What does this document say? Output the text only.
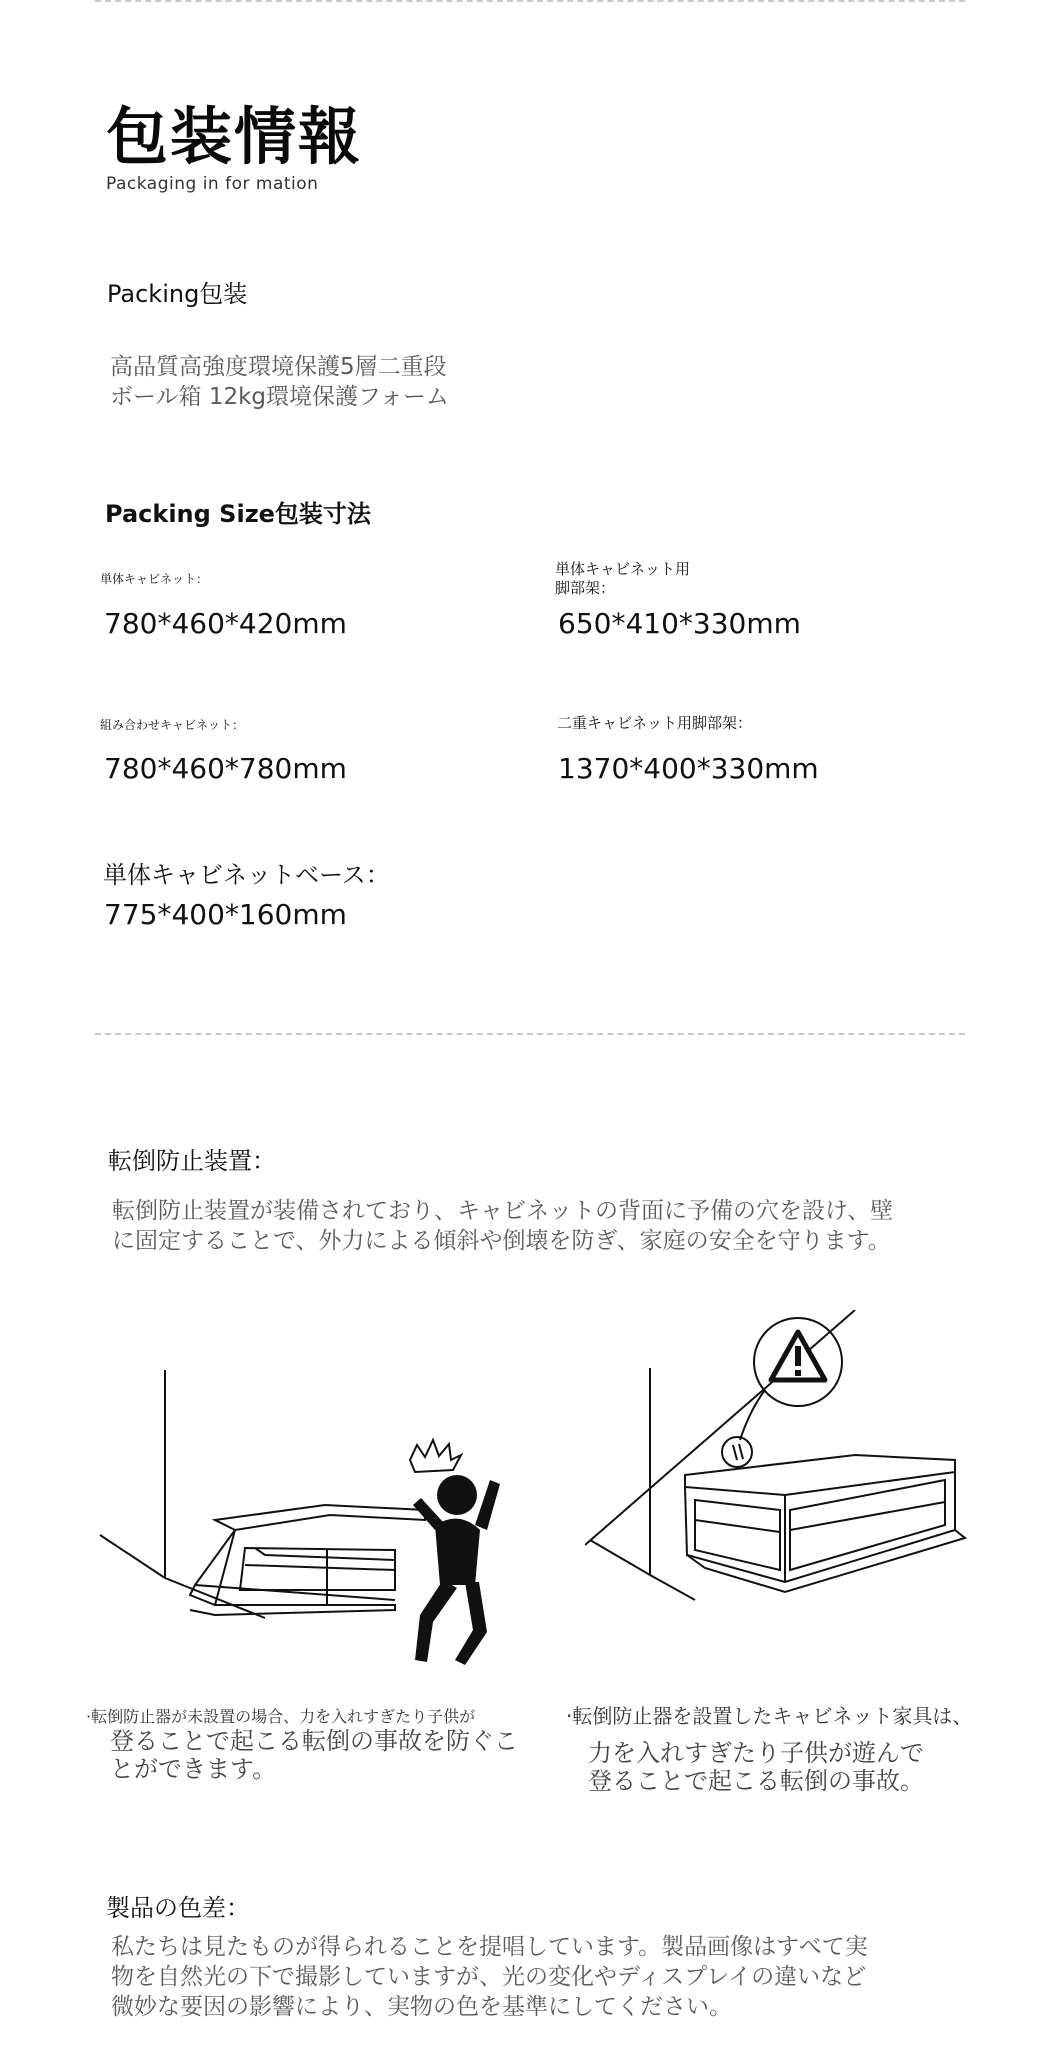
包装情報
Packaging in for mation
Packing包装
高品質高強度環境保護5層二重段
ボール箱 12kg環境保護フォーム
Packing Size包装寸法
単体キャビネット：
780*460*420mm
単体キャビネット用
脚部架：
650*410*330mm
組み合わせキャビネット：
780*460*780mm
二重キャビネット用脚部架：
1370*400*330mm
単体キャビネットベース：
775*400*160mm
転倒防止装置：
転倒防止装置が装備されており、キャビネットの背面に予備の穴を設け、壁
に固定することで、外力による傾斜や倒壊を防ぎ、家庭の安全を守ります。
·転倒防止器が未設置の場合、力を入れすぎたり子供が
登ることで起こる転倒の事故を防ぐこ
とができます。
·転倒防止器を設置したキャビネット家具は、
力を入れすぎたり子供が遊んで
登ることで起こる転倒の事故。
製品の色差：
私たちは見たものが得られることを提唱しています。製品画像はすべて実
物を自然光の下で撮影していますが、光の変化やディスプレイの違いなど
微妙な要因の影響により、実物の色を基準にしてください。
